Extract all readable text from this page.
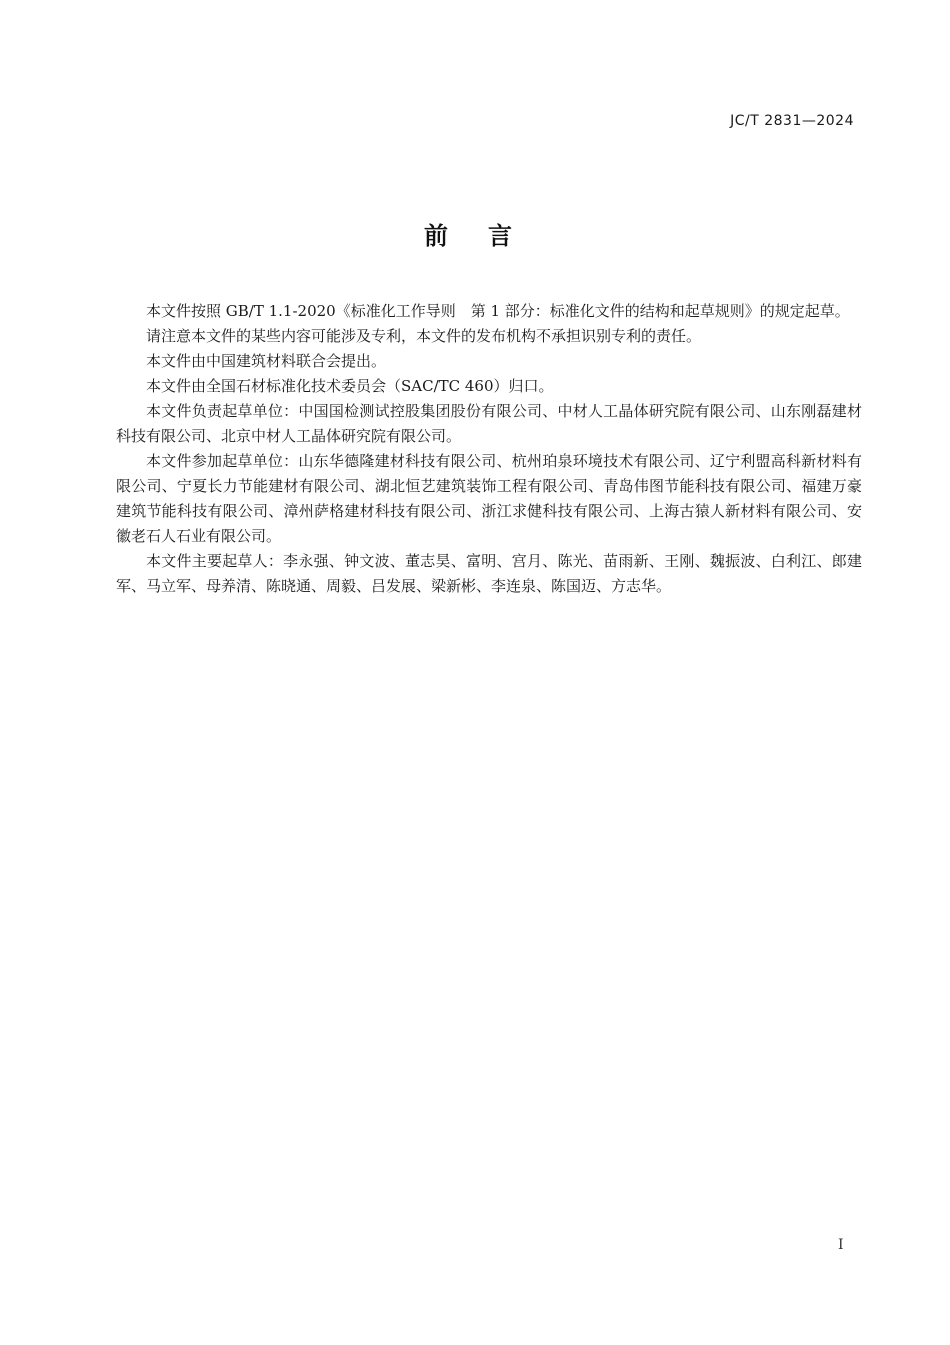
JC/T 2831—2024
前言

本文件按照 GB/T 1.1-2020《标准化工作导则　第 1 部分：标准化文件的结构和起草规则》的规定起草。

请注意本文件的某些内容可能涉及专利，本文件的发布机构不承担识别专利的责任。

本文件由中国建筑材料联合会提出。

本文件由全国石材标准化技术委员会（SAC/TC 460）归口。

本文件负责起草单位：中国国检测试控股集团股份有限公司、中材人工晶体研究院有限公司、山东刚磊建材科技有限公司、北京中材人工晶体研究院有限公司。

本文件参加起草单位：山东华德隆建材科技有限公司、杭州珀泉环境技术有限公司、辽宁利盟高科新材料有限公司、宁夏长力节能建材有限公司、湖北恒艺建筑装饰工程有限公司、青岛伟图节能科技有限公司、福建万豪建筑节能科技有限公司、漳州萨格建材科技有限公司、浙江求健科技有限公司、上海古猿人新材料有限公司、安徽老石人石业有限公司。

本文件主要起草人：李永强、钟文波、董志昊、富明、宫月、陈光、苗雨新、王刚、魏振波、白利江、郎建军、马立军、母养清、陈晓通、周毅、吕发展、梁新彬、李连泉、陈国迈、方志华。

I
